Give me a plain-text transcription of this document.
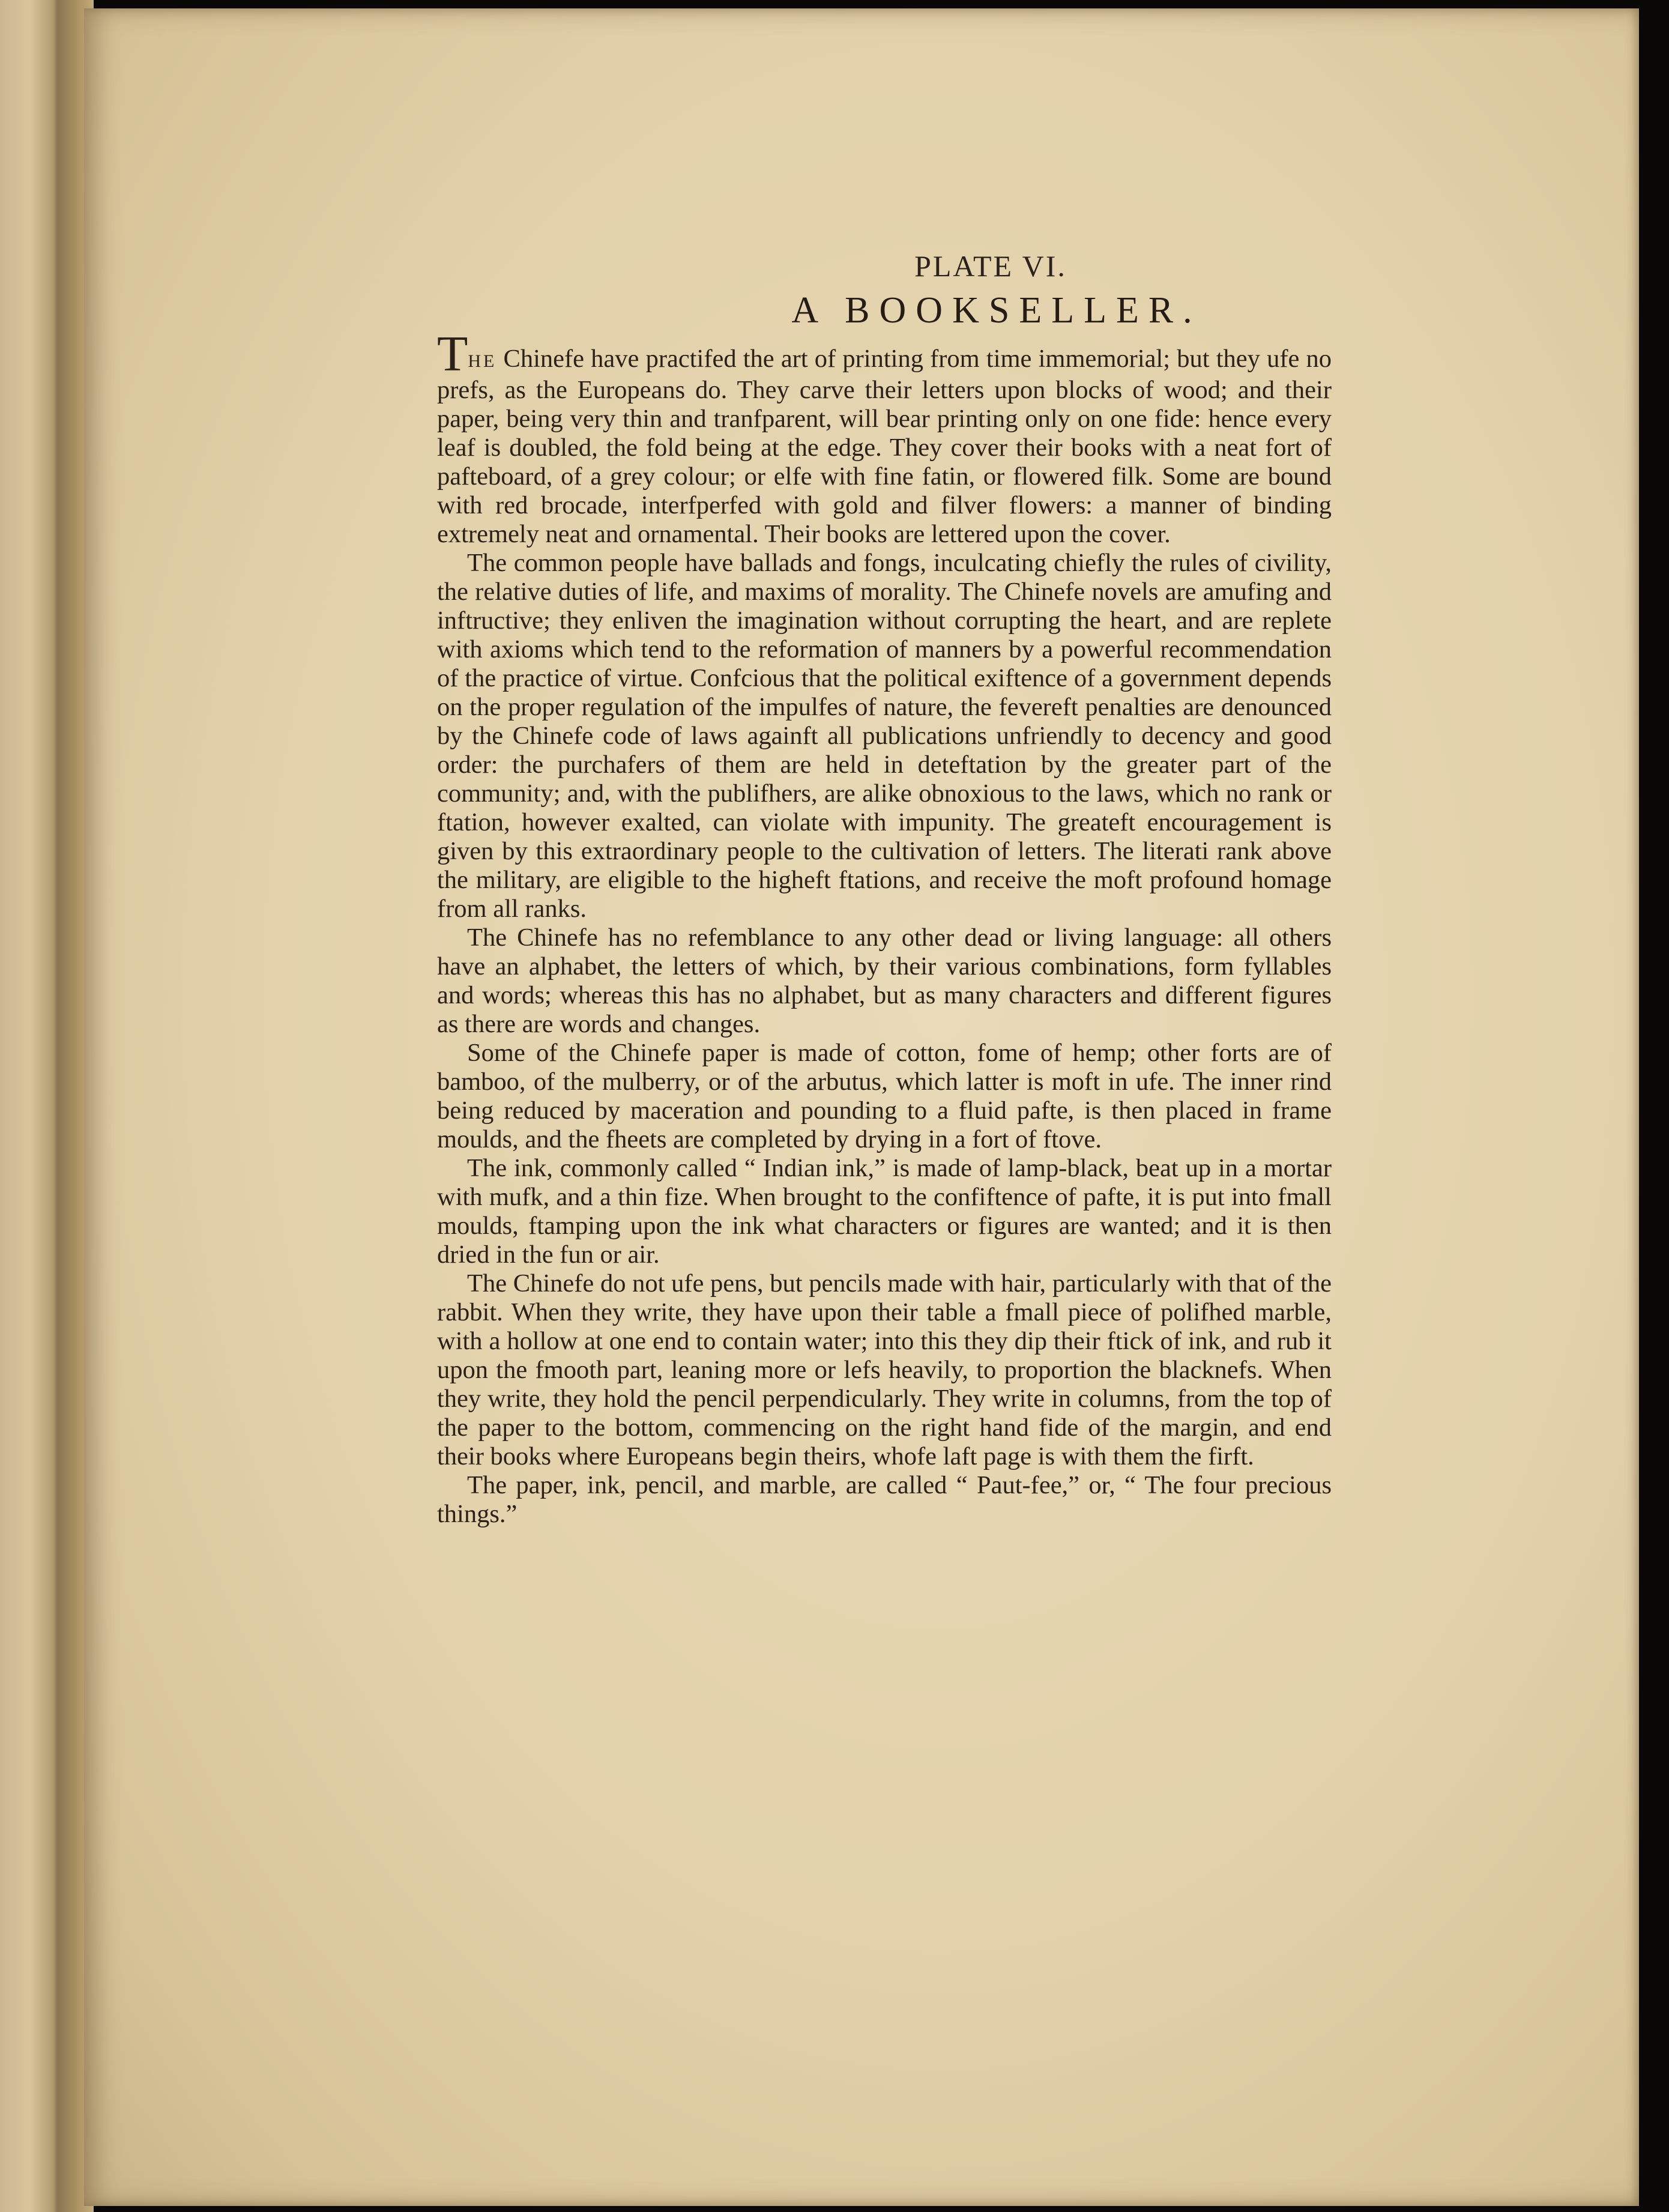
PLATE VI.
A BOOKSELLER.

THE Chinefe have practifed the art of printing from time immemorial; but they ufe no prefs, as the Europeans do. They carve their letters upon blocks of wood; and their paper, being very thin and tranfparent, will bear printing only on one fide: hence every leaf is doubled, the fold being at the edge. They cover their books with a neat fort of pafteboard, of a grey colour; or elfe with fine fatin, or flowered filk. Some are bound with red brocade, interfperfed with gold and filver flowers: a manner of binding extremely neat and ornamental. Their books are lettered upon the cover.

The common people have ballads and fongs, inculcating chiefly the rules of civility, the relative duties of life, and maxims of morality. The Chinefe novels are amufing and inftructive; they enliven the imagination without corrupting the heart, and are replete with axioms which tend to the reformation of manners by a powerful recommendation of the practice of virtue. Confcious that the political exiftence of a government depends on the proper regulation of the impulfes of nature, the fevereft penalties are denounced by the Chinefe code of laws againft all publications unfriendly to decency and good order: the purchafers of them are held in deteftation by the greater part of the community; and, with the publifhers, are alike obnoxious to the laws, which no rank or ftation, however exalted, can violate with impunity. The greateft encouragement is given by this extraordinary people to the cultivation of letters. The literati rank above the military, are eligible to the higheft ftations, and receive the moft profound homage from all ranks.

The Chinefe has no refemblance to any other dead or living language: all others have an alphabet, the letters of which, by their various combinations, form fyllables and words; whereas this has no alphabet, but as many characters and different figures as there are words and changes.

Some of the Chinefe paper is made of cotton, fome of hemp; other forts are of bamboo, of the mulberry, or of the arbutus, which latter is moft in ufe. The inner rind being reduced by maceration and pounding to a fluid pafte, is then placed in frame moulds, and the fheets are completed by drying in a fort of ftove.

The ink, commonly called “ Indian ink,” is made of lamp-black, beat up in a mortar with mufk, and a thin fize. When brought to the confiftence of pafte, it is put into fmall moulds, ftamping upon the ink what characters or figures are wanted; and it is then dried in the fun or air.

The Chinefe do not ufe pens, but pencils made with hair, particularly with that of the rabbit. When they write, they have upon their table a fmall piece of polifhed marble, with a hollow at one end to contain water; into this they dip their ftick of ink, and rub it upon the fmooth part, leaning more or lefs heavily, to proportion the blacknefs. When they write, they hold the pencil perpendicularly. They write in columns, from the top of the paper to the bottom, commencing on the right hand fide of the margin, and end their books where Europeans begin theirs, whofe laft page is with them the firft.

The paper, ink, pencil, and marble, are called “ Paut-fee,” or, “ The four precious things.”
